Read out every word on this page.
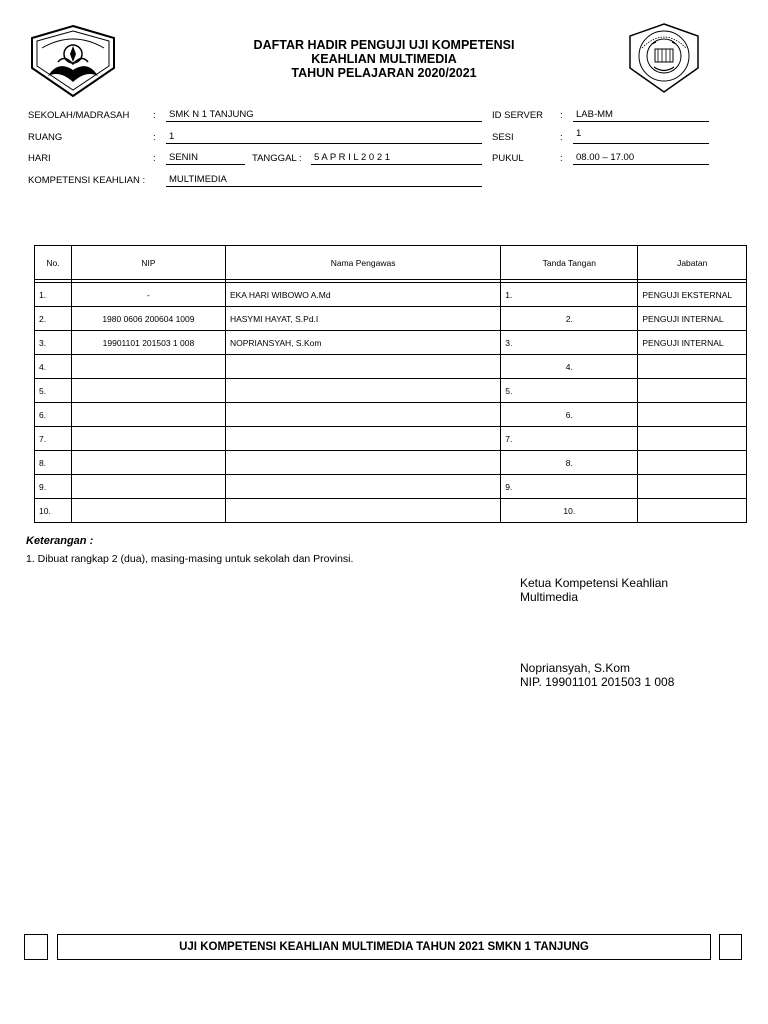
DAFTAR HADIR PENGUJI UJI KOMPETENSI
KEAHLIAN MULTIMEDIA
TAHUN PELAJARAN 2020/2021
SEKOLAH/MADRASAH :	SMK N 1 TANJUNG
RUANG	:	1
HARI	:	SENIN	TANGGAL :	5 A P R I L 2 0 2 1
KOMPETENSI KEAHLIAN :	MULTIMEDIA
ID SERVER :	LAB-MM
SESI	:	1
PUKUL	:	08.00 – 17.00
No.	NIP	Nama Pengawas	Tanda Tangan	Jabatan

1.	-	EKA HARI WIBOWO A.Md	1.	PENGUJI EKSTERNAL
2.	1980 0606 200604 1009	HASYMI HAYAT, S.Pd.I	2.	PENGUJI INTERNAL
3.	19901101 201503 1 008	NOPRIANSYAH, S.Kom	3.	PENGUJI INTERNAL
4.			4.	
5.			5.	
6.			6.	
7.			7.	
8.			8.	
9.			9.	
10.			10.	
Keterangan :
1. Dibuat rangkap 2 (dua), masing-masing untuk sekolah dan Provinsi.
Ketua Kompetensi Keahlian
Multimedia
Nopriansyah, S.Kom
NIP. 19901101 201503 1 008
UJI KOMPETENSI KEAHLIAN MULTIMEDIA TAHUN 2021 SMKN 1 TANJUNG
